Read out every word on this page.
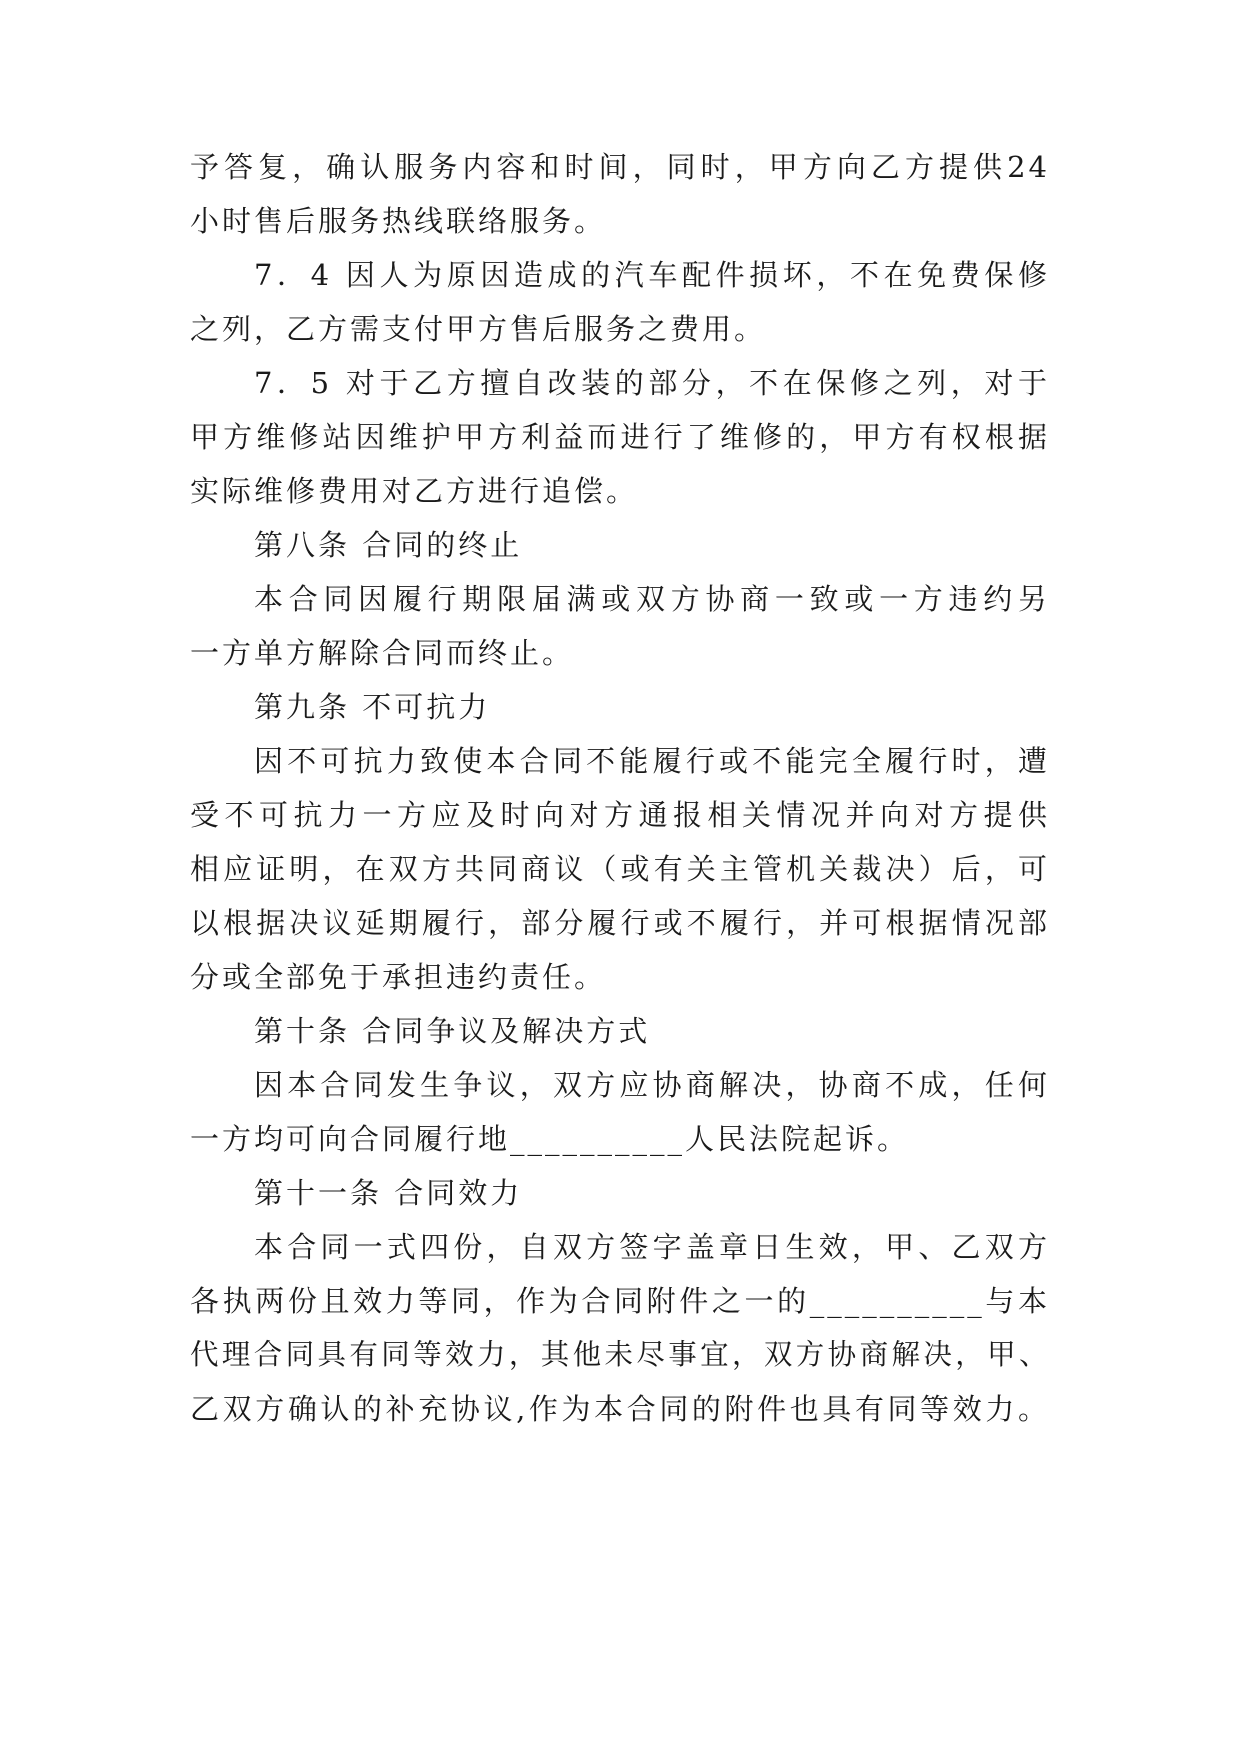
予答复，确认服务内容和时间，同时，甲方向乙方提供24
小时售后服务热线联络服务。
7．4 因人为原因造成的汽车配件损坏，不在免费保修
之列，乙方需支付甲方售后服务之费用。
7．5 对于乙方擅自改装的部分，不在保修之列，对于
甲方维修站因维护甲方利益而进行了维修的，甲方有权根据
实际维修费用对乙方进行追偿。
第八条 合同的终止
本合同因履行期限届满或双方协商一致或一方违约另
一方单方解除合同而终止。
第九条 不可抗力
因不可抗力致使本合同不能履行或不能完全履行时，遭
受不可抗力一方应及时向对方通报相关情况并向对方提供
相应证明，在双方共同商议（或有关主管机关裁决）后，可
以根据决议延期履行，部分履行或不履行，并可根据情况部
分或全部免于承担违约责任。
第十条 合同争议及解决方式
因本合同发生争议，双方应协商解决，协商不成，任何
一方均可向合同履行地__________人民法院起诉。
第十一条 合同效力
本合同一式四份，自双方签字盖章日生效，甲、乙双方
各执两份且效力等同，作为合同附件之一的__________与本
代理合同具有同等效力，其他未尽事宜，双方协商解决，甲、
乙双方确认的补充协议,作为本合同的附件也具有同等效力。
